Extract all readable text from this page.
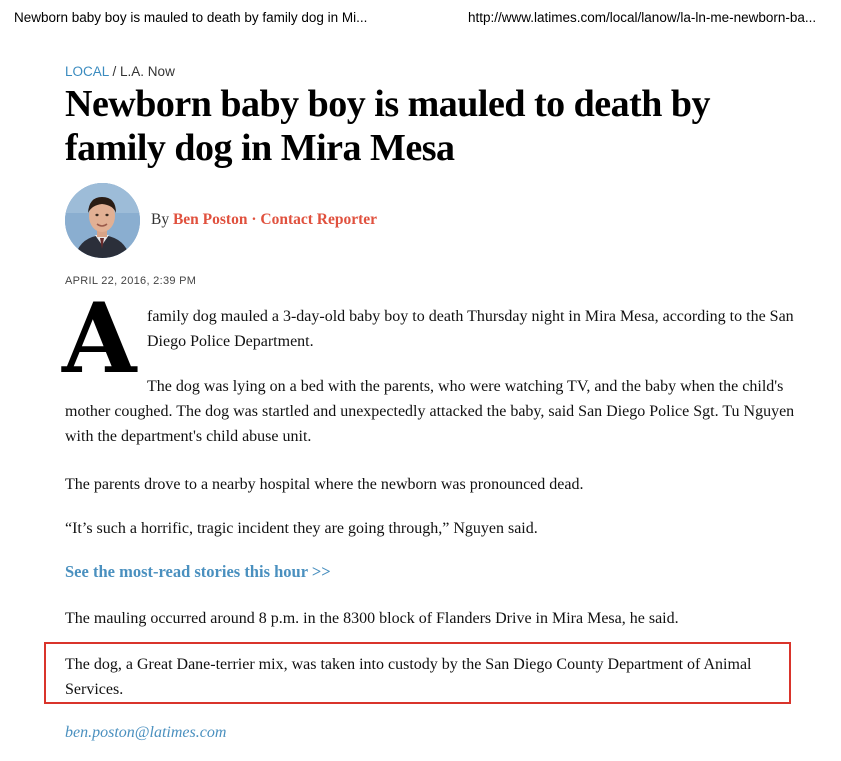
Newborn baby boy is mauled to death by family dog in Mi...	http://www.latimes.com/local/lanow/la-ln-me-newborn-ba...
LOCAL / L.A. Now
Newborn baby boy is mauled to death by family dog in Mira Mesa
By Ben Poston · Contact Reporter
APRIL 22, 2016, 2:39 PM
A family dog mauled a 3-day-old baby boy to death Thursday night in Mira Mesa, according to the San Diego Police Department.

The dog was lying on a bed with the parents, who were watching TV, and the baby when the child's mother coughed. The dog was startled and unexpectedly attacked the baby, said San Diego Police Sgt. Tu Nguyen with the department's child abuse unit.

The parents drove to a nearby hospital where the newborn was pronounced dead.

“It’s such a horrific, tragic incident they are going through,” Nguyen said.

See the most-read stories this hour >>

The mauling occurred around 8 p.m. in the 8300 block of Flanders Drive in Mira Mesa, he said.

The dog, a Great Dane-terrier mix, was taken into custody by the San Diego County Department of Animal Services.

ben.poston@latimes.com
